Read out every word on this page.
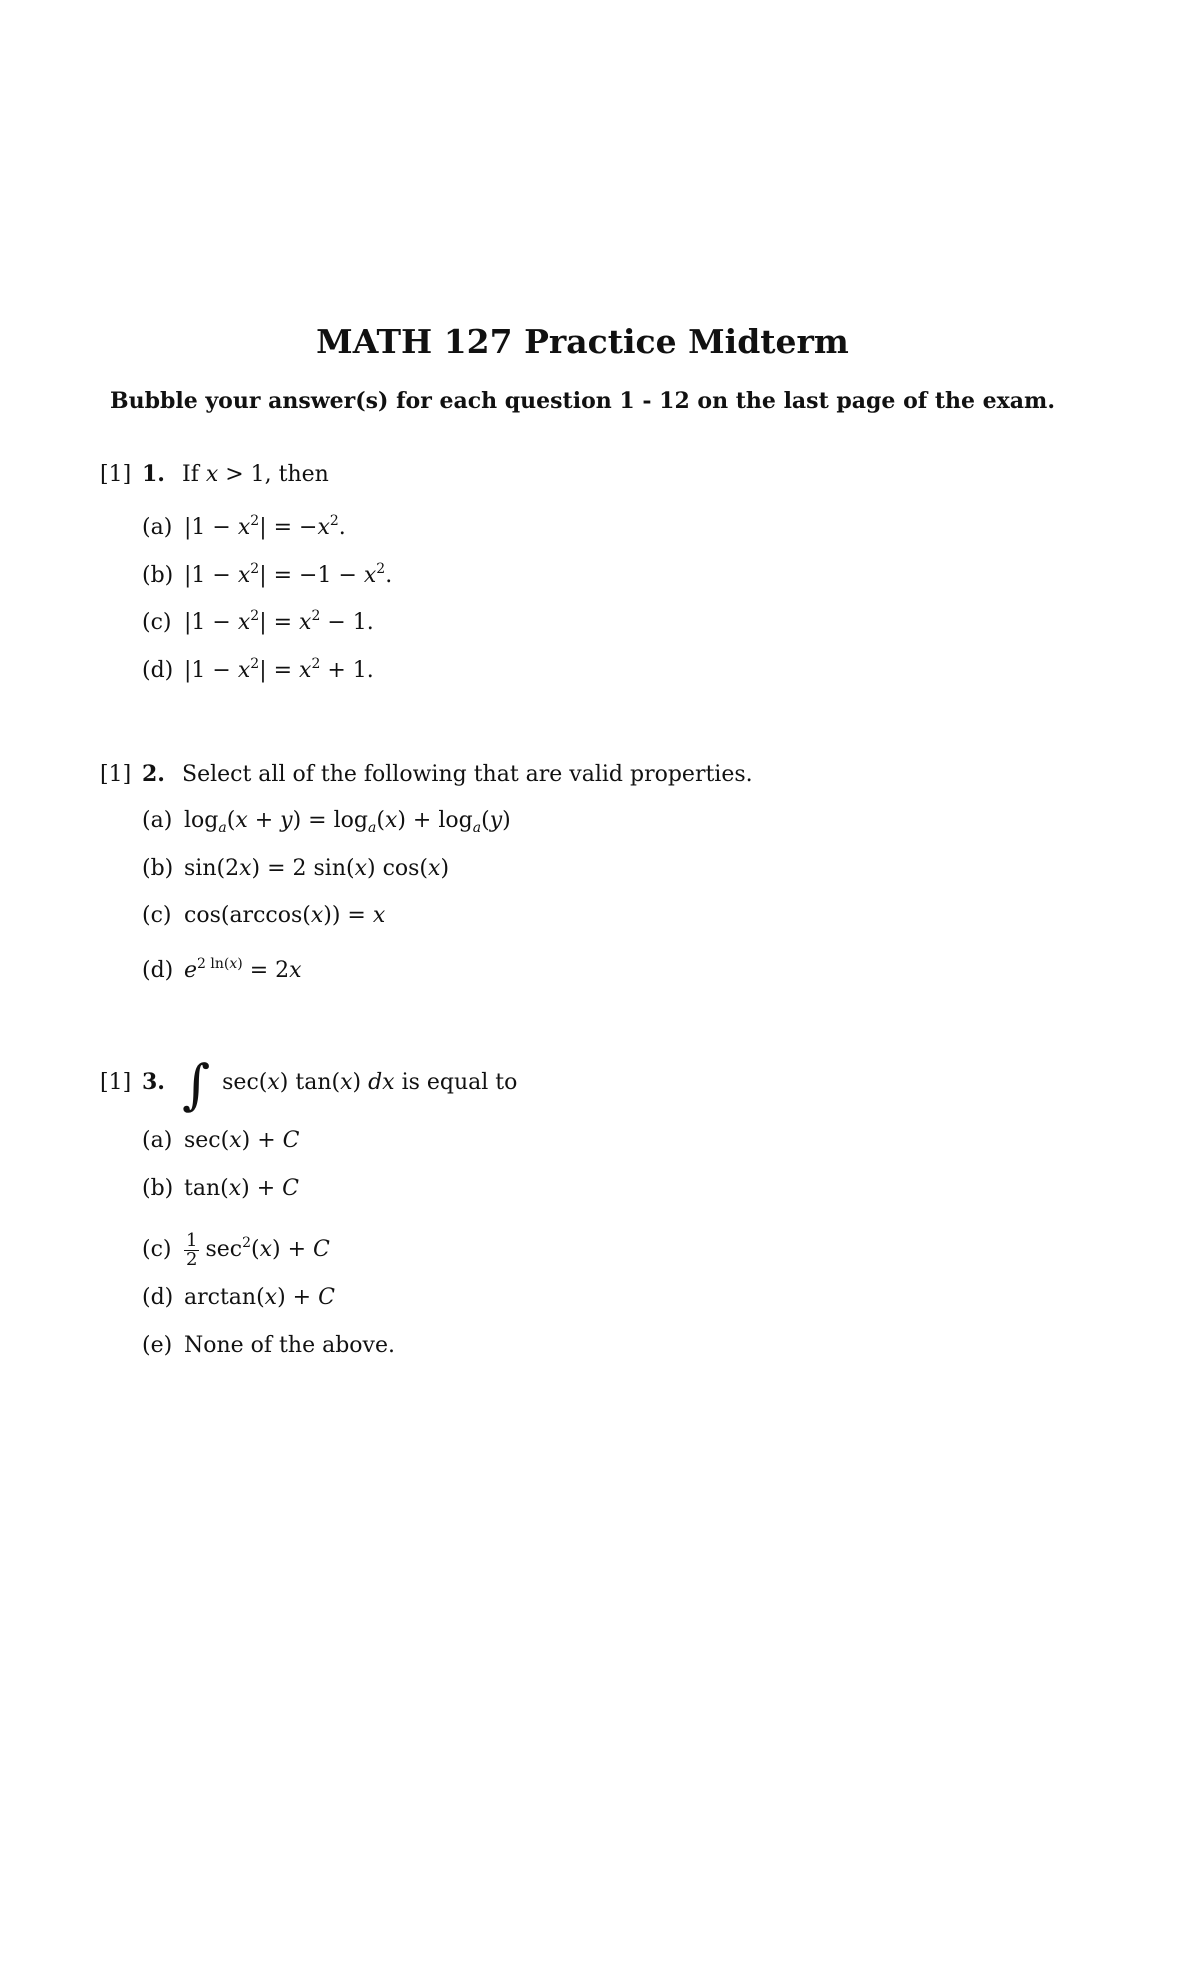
MATH 127 Practice Midterm
Bubble your answer(s) for each question 1 - 12 on the last page of the exam.
[1] 1. If x > 1, then
(a) $|1 - x^2| = -x^2$.
(b) $|1 - x^2| = -1 - x^2$.
(c) $|1 - x^2| = x^2 - 1$.
(d) $|1 - x^2| = x^2 + 1$.
[1] 2. Select all of the following that are valid properties.
(a) $\log_a(x + y) = \log_a(x) + \log_a(y)$
(b) sin(2x) = 2 sin(x) cos(x)
(c) cos(arccos(x)) = x
(d) $e^{2 ln(x)} = 2x$
[1] 3. ∫ sec(x) tan(x) dx is equal to
(a) sec(x) + C
(b) tan(x) + C
$(c) \frac{1}{2} \sec^2(x) + C$
(d) arctan(x) + C
(e) None of the above.
